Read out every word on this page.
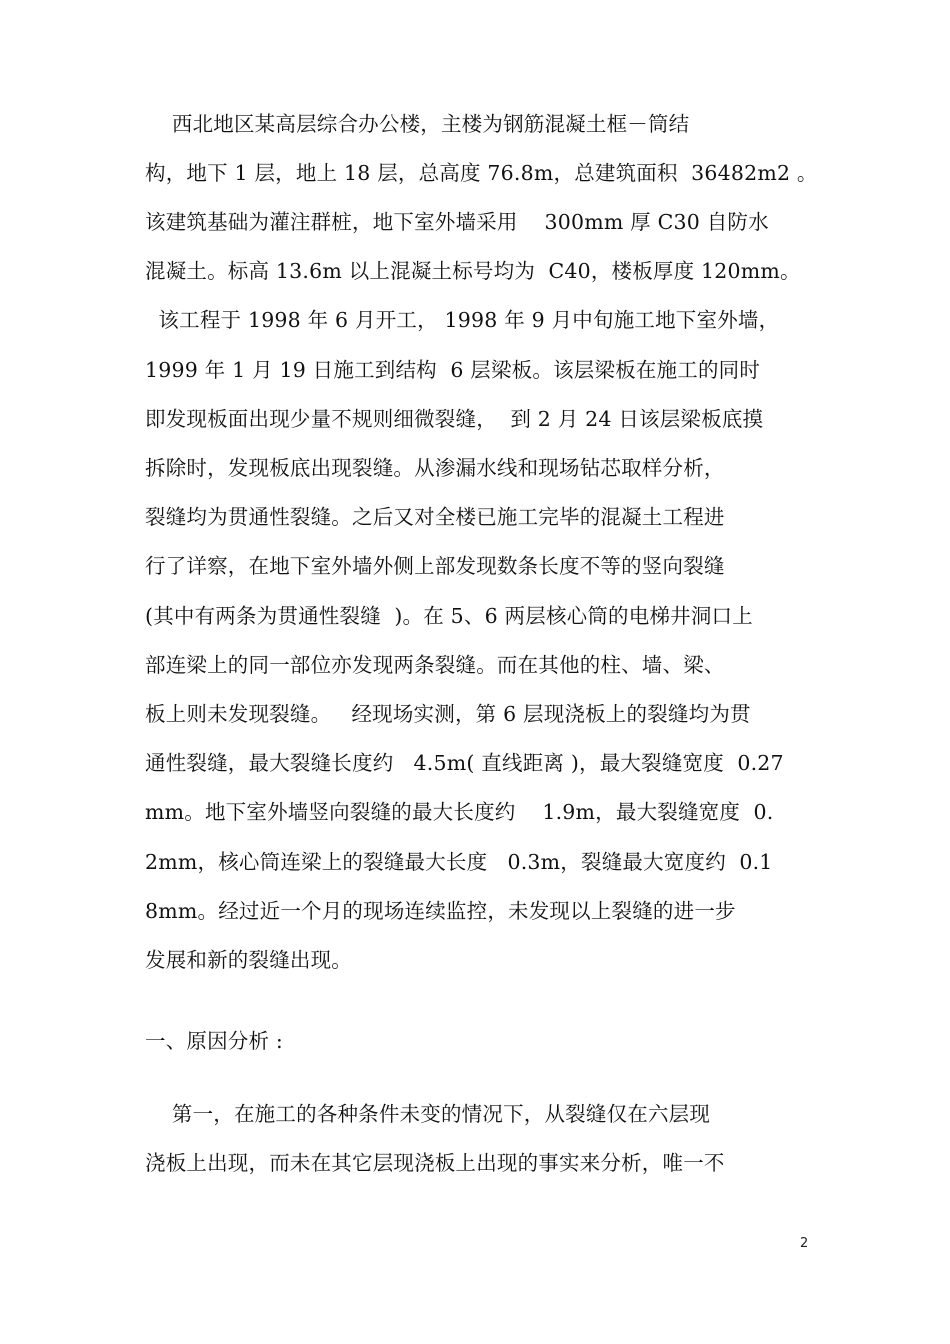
西北地区某高层综合办公楼，主楼为钢筋混凝土框－筒结
构，地下 1 层，地上 18 层，总高度 76.8m，总建筑面积  36482m2 。
该建筑基础为灌注群桩，地下室外墙采用    300mm 厚 C30 自防水
混凝土。标高 13.6m 以上混凝土标号均为  C40，楼板厚度 120mm。
该工程于 1998 年 6 月开工， 1998 年 9 月中旬施工地下室外墙，
1999 年 1 月 19 日施工到结构  6 层梁板。该层梁板在施工的同时
即发现板面出现少量不规则细微裂缝，  到 2 月 24 日该层梁板底摸
拆除时，发现板底出现裂缝。从渗漏水线和现场钻芯取样分析，
裂缝均为贯通性裂缝。之后又对全楼已施工完毕的混凝土工程进
行了详察，在地下室外墙外侧上部发现数条长度不等的竖向裂缝
(其中有两条为贯通性裂缝  )。在 5、6 两层核心筒的电梯井洞口上
部连梁上的同一部位亦发现两条裂缝。而在其他的柱、墙、梁、
板上则未发现裂缝。   经现场实测，第 6 层现浇板上的裂缝均为贯
通性裂缝，最大裂缝长度约   4.5m( 直线距离 )，最大裂缝宽度  0.27
mm。地下室外墙竖向裂缝的最大长度约    1.9m，最大裂缝宽度  0.
2mm，核心筒连梁上的裂缝最大长度   0.3m，裂缝最大宽度约  0.1
8mm。经过近一个月的现场连续监控，未发现以上裂缝的进一步
发展和新的裂缝出现。
一、原因分析 :
第一，在施工的各种条件未变的情况下，从裂缝仅在六层现
浇板上出现，而未在其它层现浇板上出现的事实来分析，唯一不
2
